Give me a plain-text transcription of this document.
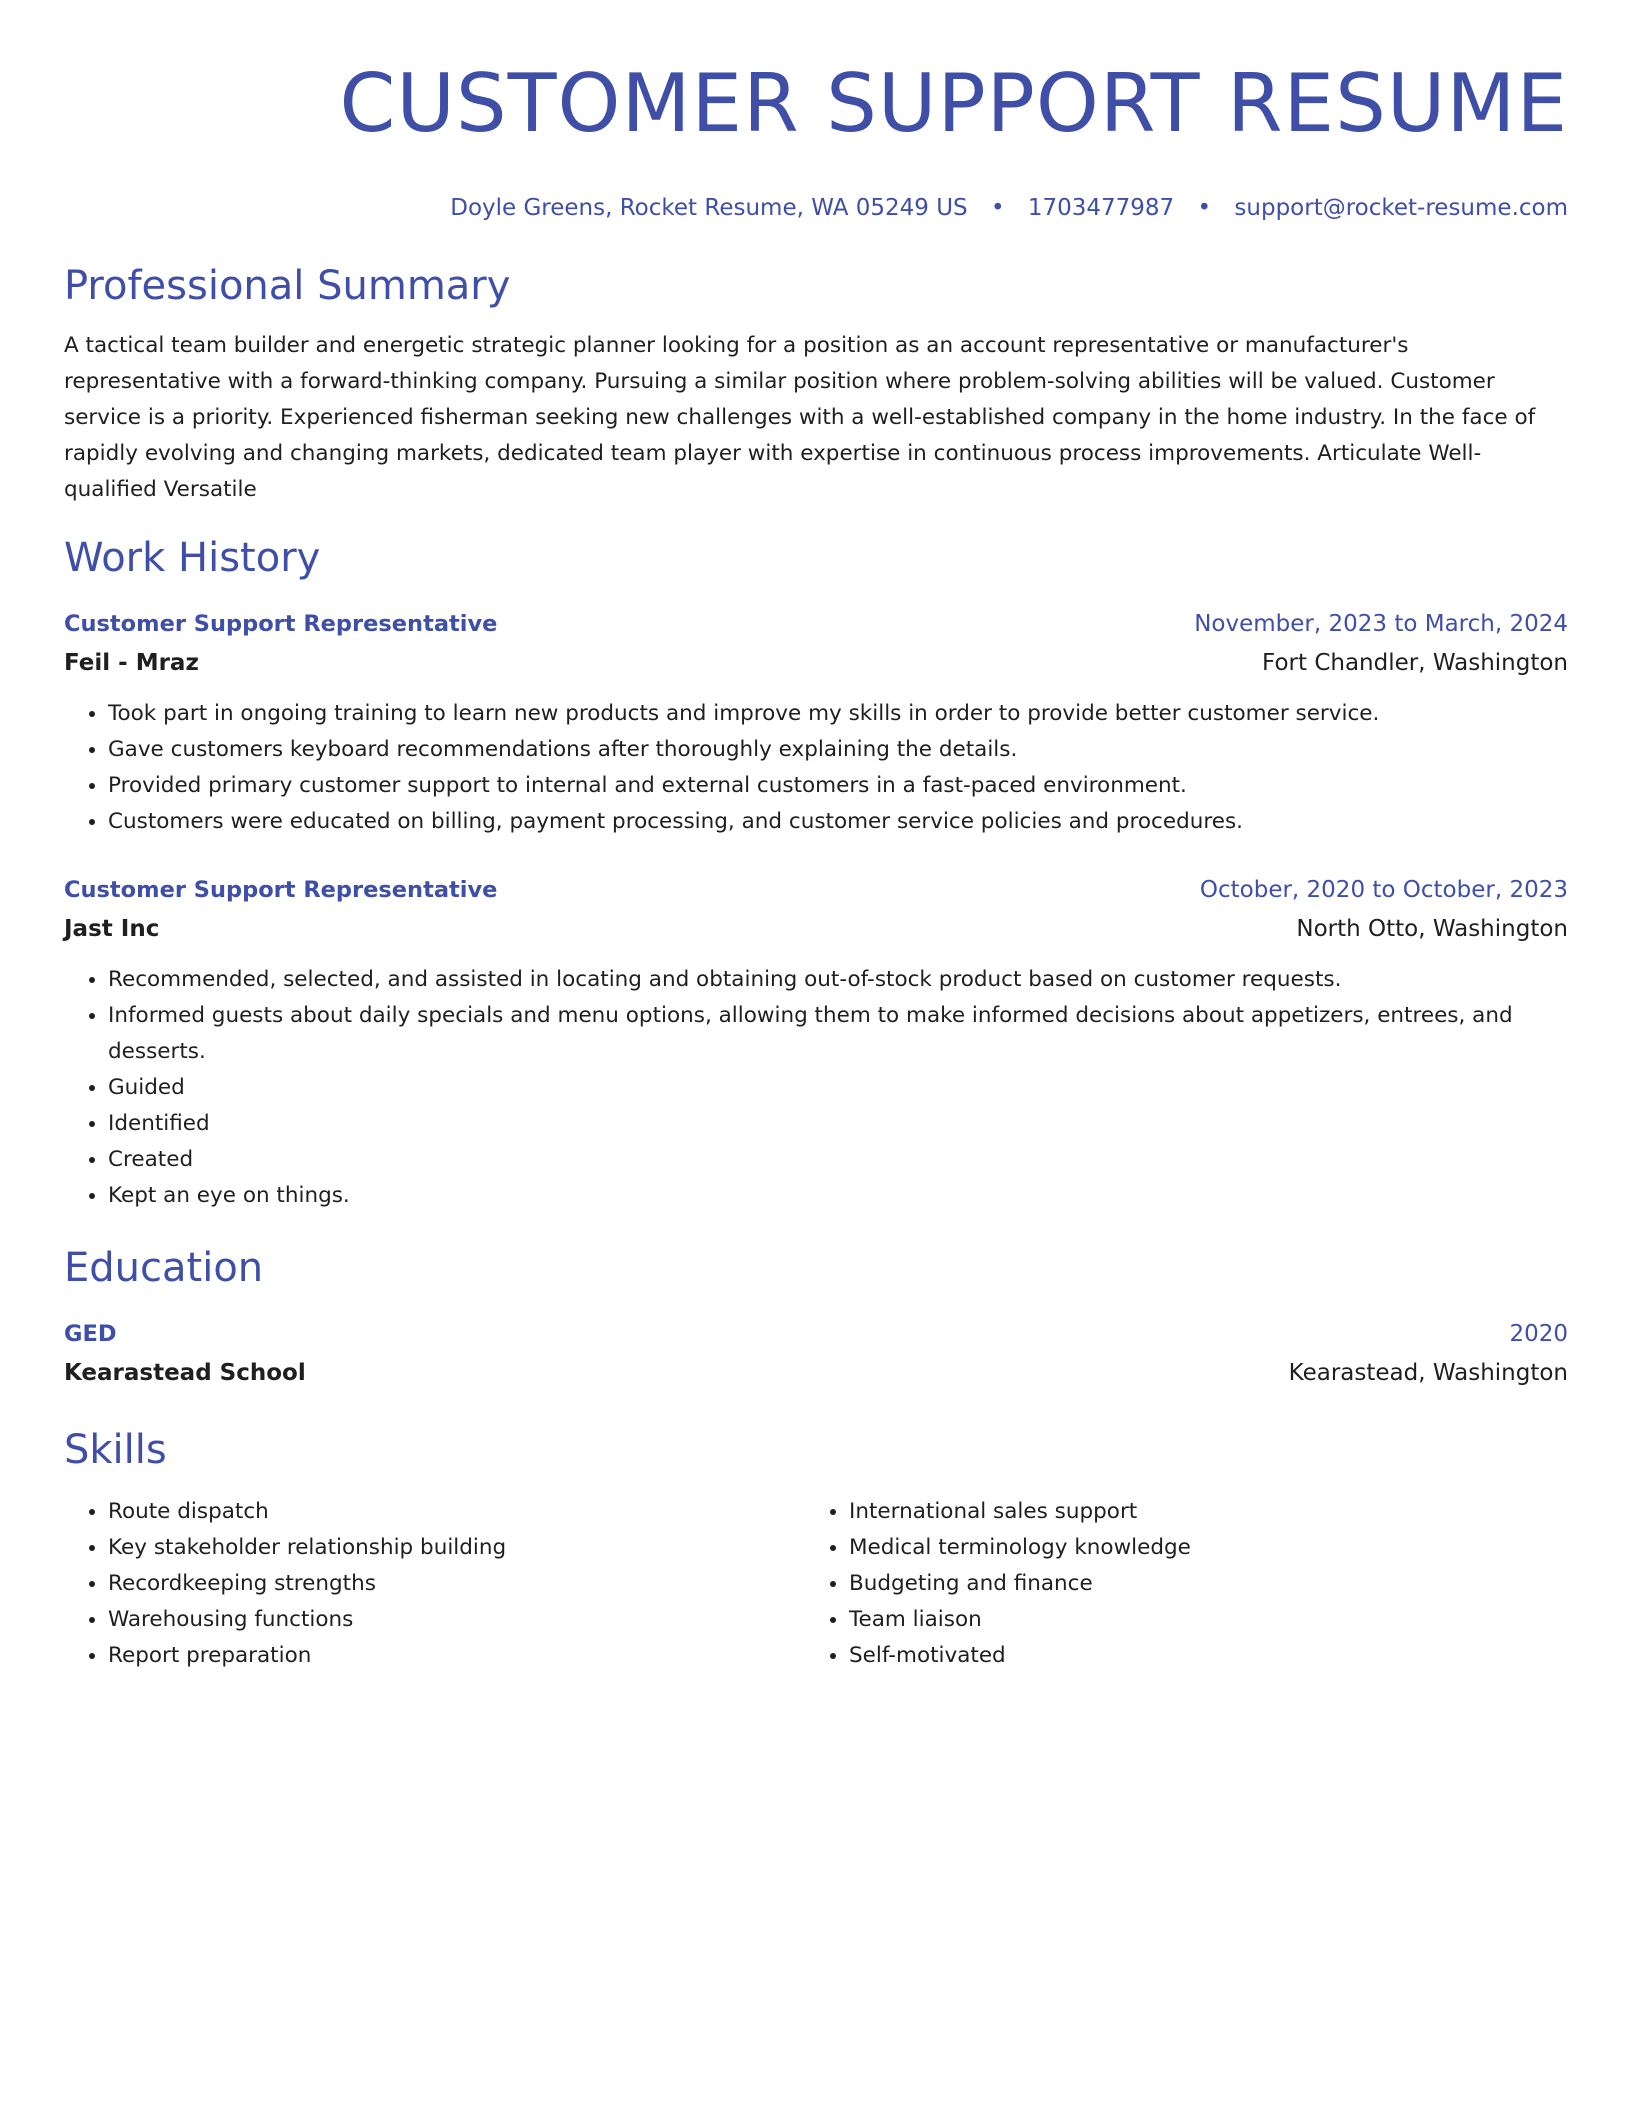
CUSTOMER SUPPORT RESUME
Doyle Greens, Rocket Resume, WA 05249 US • 1703477987 • support@rocket-resume.com
Professional Summary
A tactical team builder and energetic strategic planner looking for a position as an account representative or manufacturer's representative with a forward-thinking company. Pursuing a similar position where problem-solving abilities will be valued. Customer service is a priority. Experienced fisherman seeking new challenges with a well-established company in the home industry. In the face of rapidly evolving and changing markets, dedicated team player with expertise in continuous process improvements. Articulate Well-qualified Versatile
Work History
Customer Support Representative	November, 2023 to March, 2024
Feil - Mraz	Fort Chandler, Washington
• Took part in ongoing training to learn new products and improve my skills in order to provide better customer service.
• Gave customers keyboard recommendations after thoroughly explaining the details.
• Provided primary customer support to internal and external customers in a fast-paced environment.
• Customers were educated on billing, payment processing, and customer service policies and procedures.
Customer Support Representative	October, 2020 to October, 2023
Jast Inc	North Otto, Washington
• Recommended, selected, and assisted in locating and obtaining out-of-stock product based on customer requests.
• Informed guests about daily specials and menu options, allowing them to make informed decisions about appetizers, entrees, and desserts.
• Guided
• Identified
• Created
• Kept an eye on things.
Education
GED	2020
Kearastead School	Kearastead, Washington
Skills
• Route dispatch
• Key stakeholder relationship building
• Recordkeeping strengths
• Warehousing functions
• Report preparation
• International sales support
• Medical terminology knowledge
• Budgeting and finance
• Team liaison
• Self-motivated
